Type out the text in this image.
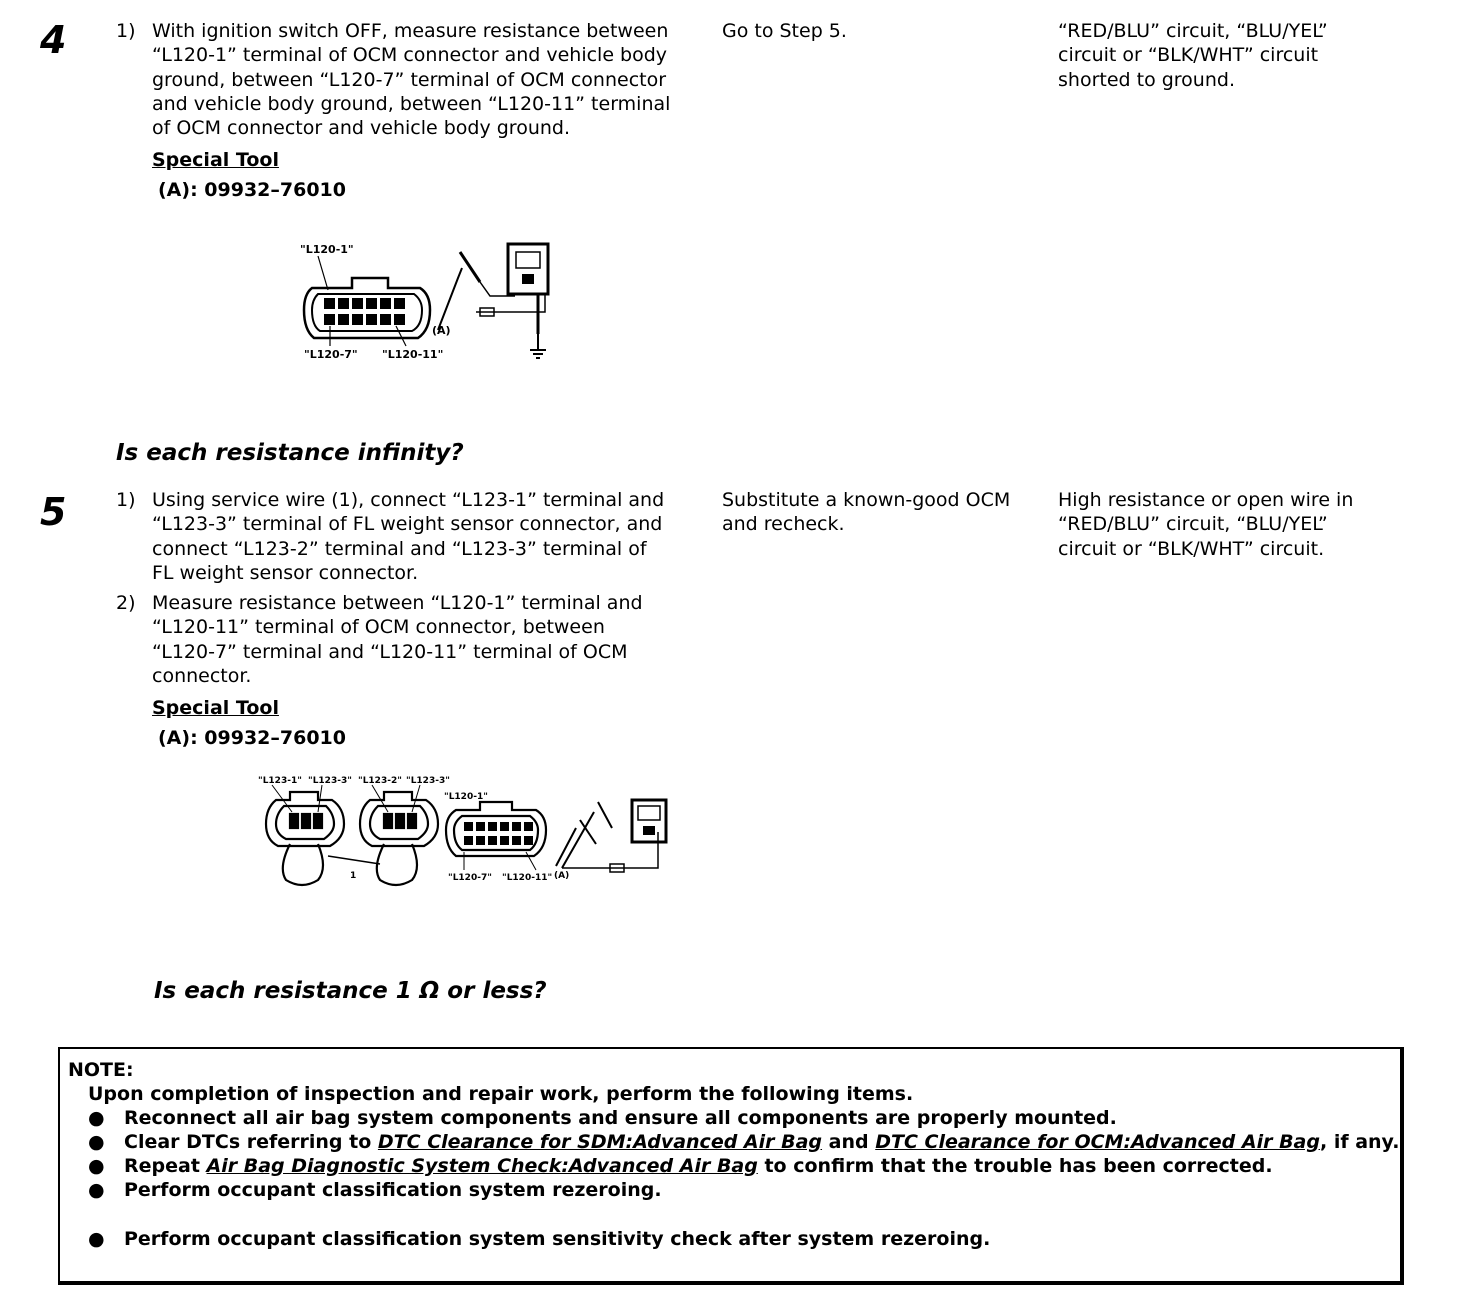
4	1) With ignition switch OFF, measure resistance between
“L120-1” terminal of OCM connector and vehicle body
ground, between “L120-7” terminal of OCM connector
and vehicle body ground, between “L120-11” terminal
of OCM connector and vehicle body ground.
Special Tool
(A): 09932–76010
"L120-1"
"L120-7" "L120-11"
(A)
Is each resistance infinity?
Go to Step 5.	“RED/BLU” circuit, “BLU/YEL”
circuit or “BLK/WHT” circuit
shorted to ground.
5	1) Using service wire (1), connect “L123-1” terminal and
“L123-3” terminal of FL weight sensor connector, and
connect “L123-2” terminal and “L123-3” terminal of
FL weight sensor connector.
2) Measure resistance between “L120-1” terminal and
“L120-11” terminal of OCM connector, between
“L120-7” terminal and “L120-11” terminal of OCM
connector.
Special Tool
(A): 09932–76010
"L123-1" "L123-3" "L123-2" "L123-3"
1
"L120-1"
"L120-7" "L120-11" (A)
Is each resistance 1 Ω or less?
Substitute a known-good OCM
and recheck.
High resistance or open wire in
“RED/BLU” circuit, “BLU/YEL”
circuit or “BLK/WHT” circuit.
NOTE:
Upon completion of inspection and repair work, perform the following items.
● Reconnect all air bag system components and ensure all components are properly mounted.
● Clear DTCs referring to DTC Clearance for SDM:Advanced Air Bag and DTC Clearance for OCM:Advanced Air Bag, if any.
● Repeat Air Bag Diagnostic System Check:Advanced Air Bag to confirm that the trouble has been corrected.
● Perform occupant classification system rezeroing.
● Perform occupant classification system sensitivity check after system rezeroing.
